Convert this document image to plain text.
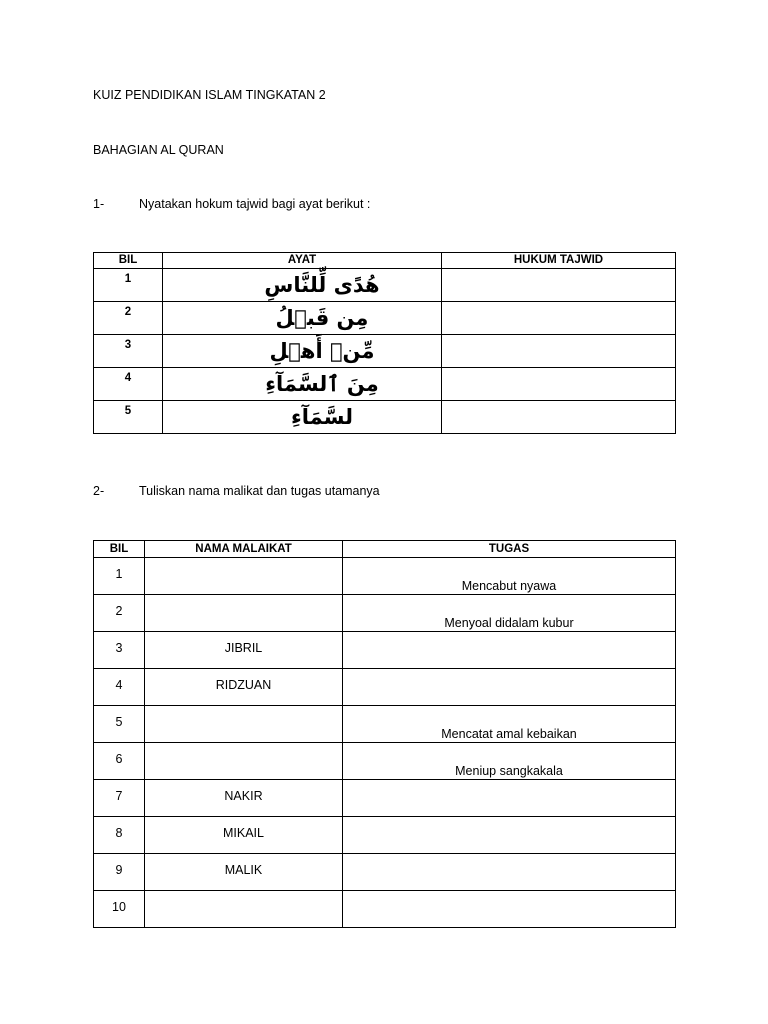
KUIZ PENDIDIKAN ISLAM TINGKATAN 2
BAHAGIAN AL QURAN
1-	Nyatakan hokum tajwid bagi ayat berikut :
BIL	AYAT	HUKUM TAJWID
1	هُدًى لِّلنَّاسِ	
2	مِن قَبۡلُ	
3	مِّنۡ أَهۡلِ	
4	مِنَ ٱلسَّمَآءِ	
5	لسَّمَآءِ	
2-	Tuliskan nama malikat dan tugas utamanya
BIL	NAMA MALAIKAT	TUGAS
1		Mencabut nyawa
2		Menyoal didalam kubur
3	JIBRIL	
4	RIDZUAN	
5		Mencatat amal kebaikan
6		Meniup sangkakala
7	NAKIR	
8	MIKAIL	
9	MALIK	
10		
